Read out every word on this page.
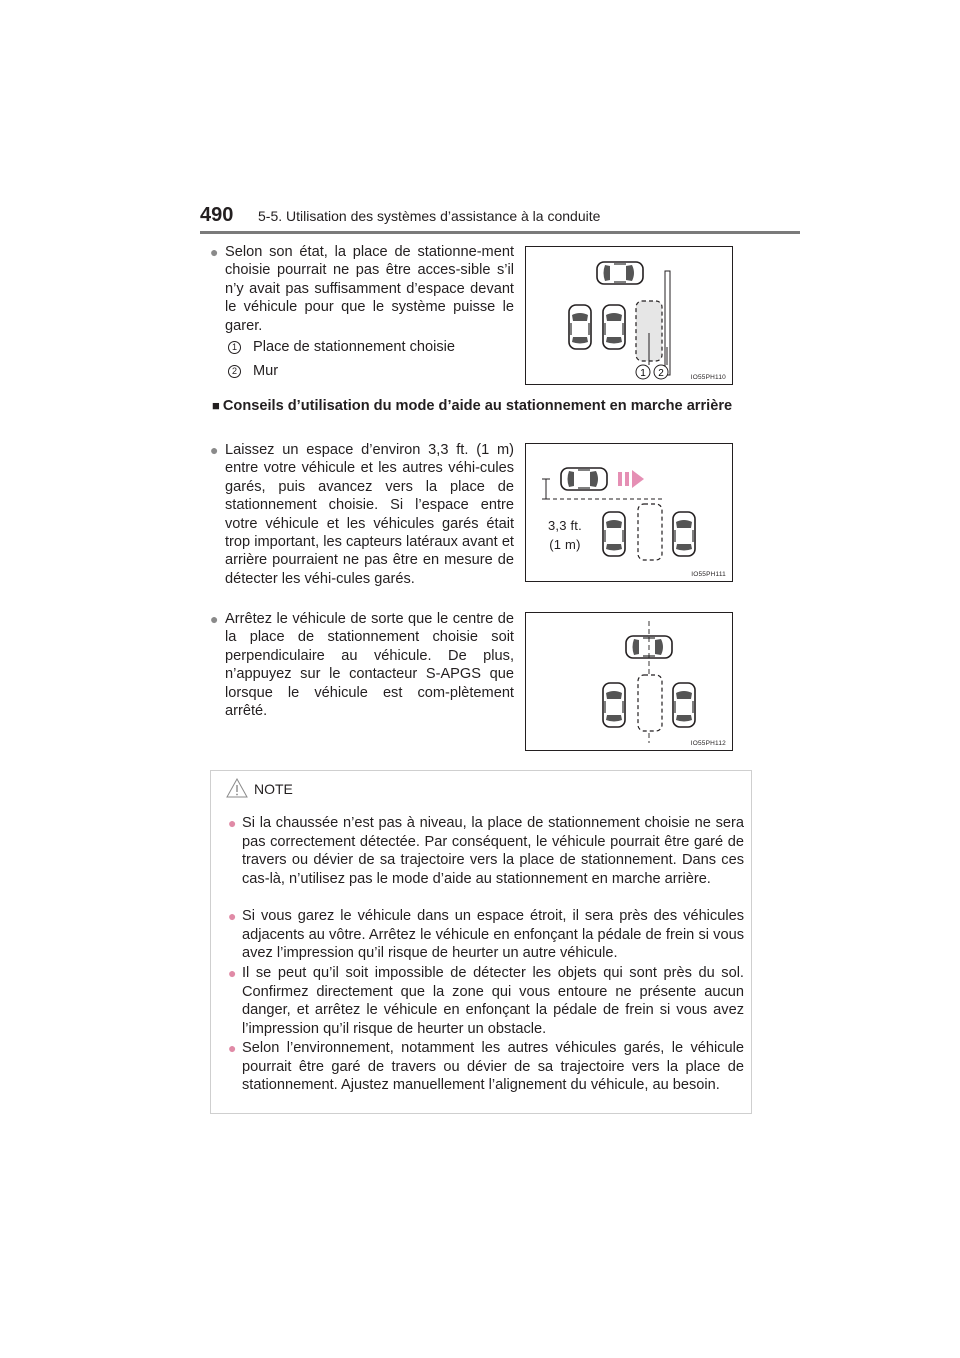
490 5-5. Utilisation des systèmes d’assistance à la conduite
● Selon son état, la place de stationne-ment choisie pourrait ne pas être acces-sible s’il n’y avait pas suffisamment d’espace devant le véhicule pour que le système puisse le garer.
1 Place de stationnement choisie
2 Mur	1 2	IO55PH110
■ Conseils d’utilisation du mode d’aide au stationnement en marche arrière
● Laissez un espace d’environ 3,3 ft. (1 m) entre votre véhicule et les autres véhi-cules garés, puis avancez vers la place de stationnement choisie. Si l’espace entre votre véhicule et les véhicules garés était trop important, les capteurs latéraux avant et arrière pourraient ne pas être en mesure de détecter les véhi-cules garés.
3,3 ft.
(1 m)
IO55PH111
● Arrêtez le véhicule de sorte que le centre de la place de stationnement choisie soit perpendiculaire au véhicule. De plus, n’appuyez sur le contacteur S-APGS que lorsque le véhicule est com-plètement arrêté.
IO55PH112
NOTE
● Si la chaussée n’est pas à niveau, la place de stationnement choisie ne sera pas correctement détectée. Par conséquent, le véhicule pourrait être garé de travers ou dévier de sa trajectoire vers la place de stationnement. Dans ces cas-là, n’utilisez pas le mode d’aide au stationnement en marche arrière.
● Si vous garez le véhicule dans un espace étroit, il sera près des véhicules adjacents au vôtre. Arrêtez le véhicule en enfonçant la pédale de frein si vous avez l’impression qu’il risque de heurter un autre véhicule.
● Il se peut qu’il soit impossible de détecter les objets qui sont près du sol. Confirmez directement que la zone qui vous entoure ne présente aucun danger, et arrêtez le véhicule en enfonçant la pédale de frein si vous avez l’impression qu’il risque de heurter un obstacle.
● Selon l’environnement, notamment les autres véhicules garés, le véhicule pourrait être garé de travers ou dévier de sa trajectoire vers la place de stationnement. Ajustez manuellement l’alignement du véhicule, au besoin.
